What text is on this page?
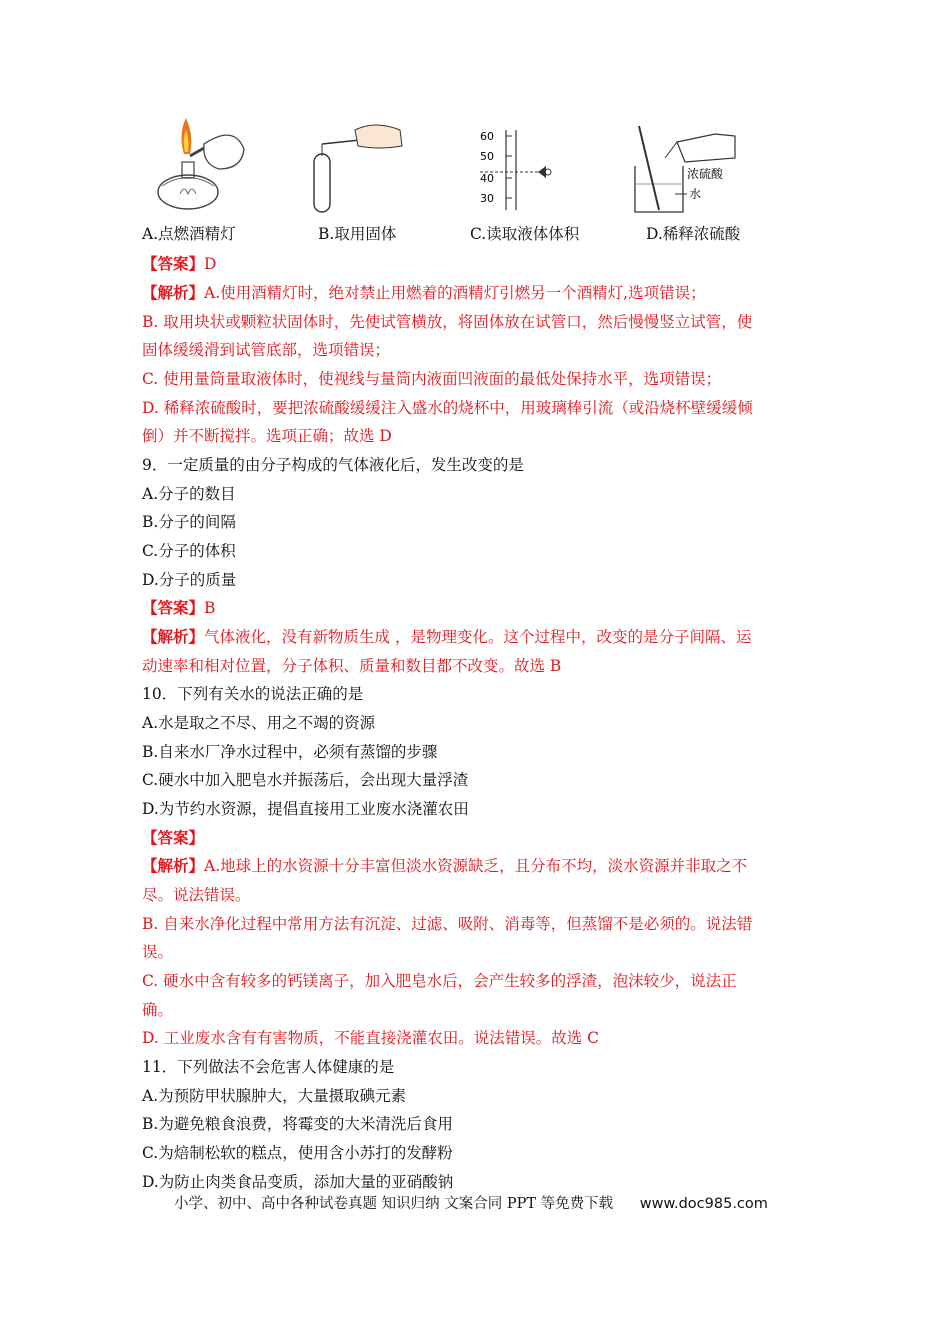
60
50
40
30
浓硫酸
水
A.点燃酒精灯	B.取用固体	C.读取液体体积	D.稀释浓硫酸
【答案】D
【解析】A.使用酒精灯时，绝对禁止用燃着的酒精灯引燃另一个酒精灯,选项错误；
B. 取用块状或颗粒状固体时，先使试管横放，将固体放在试管口，然后慢慢竖立试管，使
固体缓缓滑到试管底部，选项错误；
C. 使用量筒量取液体时，使视线与量筒内液面凹液面的最低处保持水平，选项错误；
D. 稀释浓硫酸时，要把浓硫酸缓缓注入盛水的烧杯中，用玻璃棒引流（或沿烧杯壁缓缓倾
倒）并不断搅拌。选项正确；故选 D
9．一定质量的由分子构成的气体液化后，发生改变的是
A.分子的数目
B.分子的间隔
C.分子的体积
D.分子的质量
【答案】B
【解析】气体液化，没有新物质生成 ，是物理变化。这个过程中，改变的是分子间隔、运
动速率和相对位置，分子体积、质量和数目都不改变。故选 B
10．下列有关水的说法正确的是
A.水是取之不尽、用之不竭的资源
B.自来水厂净水过程中，必须有蒸馏的步骤
C.硬水中加入肥皂水并振荡后，会出现大量浮渣
D.为节约水资源，提倡直接用工业废水浇灌农田
【答案】
【解析】A.地球上的水资源十分丰富但淡水资源缺乏，且分布不均，淡水资源并非取之不
尽。说法错误。
B. 自来水净化过程中常用方法有沉淀、过滤、吸附、消毒等，但蒸馏不是必须的。说法错
误。
C. 硬水中含有较多的钙镁离子，加入肥皂水后，会产生较多的浮渣，泡沫较少，说法正
确。
D. 工业废水含有有害物质，不能直接浇灌农田。说法错误。故选 C
11．下列做法不会危害人体健康的是
A.为预防甲状腺肿大，大量摄取碘元素
B.为避免粮食浪费，将霉变的大米清洗后食用
C.为焙制松软的糕点，使用含小苏打的发酵粉
D.为防止肉类食品变质，添加大量的亚硝酸钠
小学、初中、高中各种试卷真题 知识归纳 文案合同 PPT 等免费下载 www.doc985.com
